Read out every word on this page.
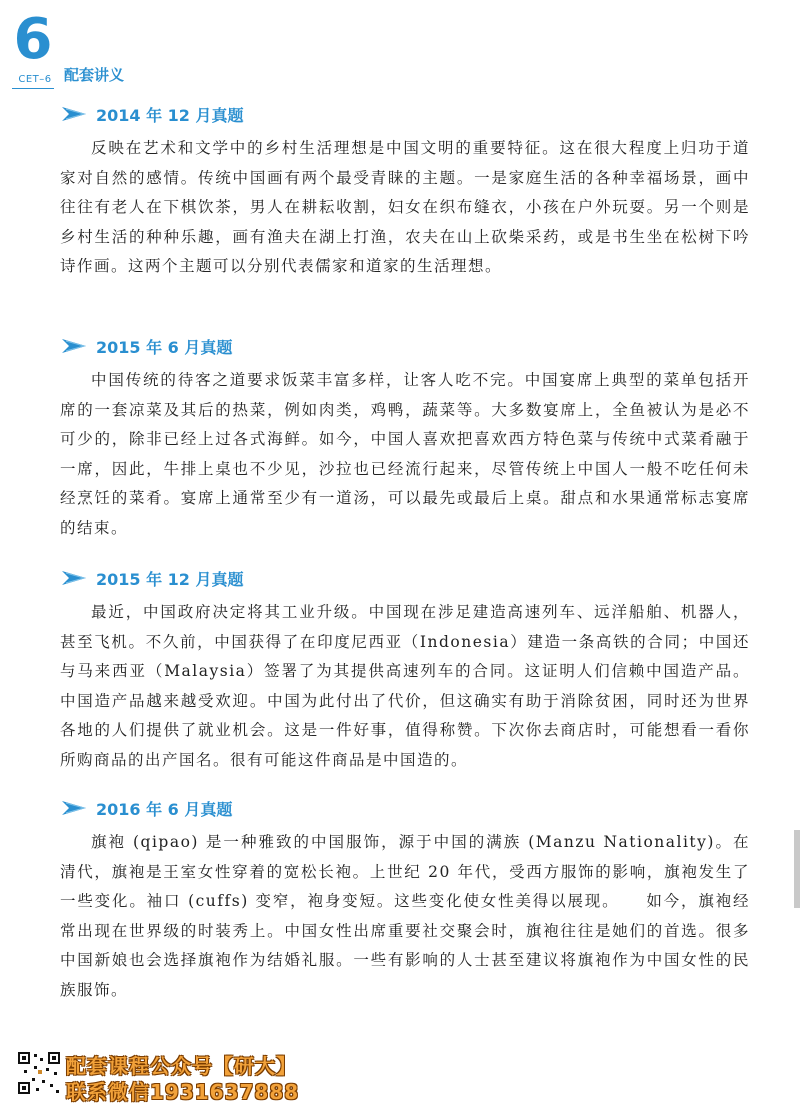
6
CET–6 配套讲义
2014 年 12 月真题

反映在艺术和文学中的乡村生活理想是中国文明的重要特征。这在很大程度上归功于道家对自然的感情。传统中国画有两个最受青睐的主题。一是家庭生活的各种幸福场景，画中往往有老人在下棋饮茶，男人在耕耘收割，妇女在织布缝衣，小孩在户外玩耍。另一个则是乡村生活的种种乐趣，画有渔夫在湖上打渔，农夫在山上砍柴采药，或是书生坐在松树下吟诗作画。这两个主题可以分别代表儒家和道家的生活理想。

2015 年 6 月真题

中国传统的待客之道要求饭菜丰富多样，让客人吃不完。中国宴席上典型的菜单包括开席的一套凉菜及其后的热菜，例如肉类，鸡鸭，蔬菜等。大多数宴席上，全鱼被认为是必不可少的，除非已经上过各式海鲜。如今，中国人喜欢把喜欢西方特色菜与传统中式菜肴融于一席，因此，牛排上桌也不少见，沙拉也已经流行起来，尽管传统上中国人一般不吃任何未经烹饪的菜肴。宴席上通常至少有一道汤，可以最先或最后上桌。甜点和水果通常标志宴席的结束。

2015 年 12 月真题

最近，中国政府决定将其工业升级。中国现在涉足建造高速列车、远洋船舶、机器人，甚至飞机。不久前，中国获得了在印度尼西亚（Indonesia）建造一条高铁的合同；中国还与马来西亚（Malaysia）签署了为其提供高速列车的合同。这证明人们信赖中国造产品。中国造产品越来越受欢迎。中国为此付出了代价，但这确实有助于消除贫困，同时还为世界各地的人们提供了就业机会。这是一件好事，值得称赞。下次你去商店时，可能想看一看你所购商品的出产国名。很有可能这件商品是中国造的。

2016 年 6 月真题

旗袍 (qipao) 是一种雅致的中国服饰，源于中国的满族 (Manzu Nationality)。在清代，旗袍是王室女性穿着的宽松长袍。上世纪 20 年代，受西方服饰的影响，旗袍发生了一些变化。袖口 (cuffs) 变窄，袍身变短。这些变化使女性美得以展现。　　如今，旗袍经常出现在世界级的时装秀上。中国女性出席重要社交聚会时，旗袍往往是她们的首选。很多中国新娘也会选择旗袍作为结婚礼服。一些有影响的人士甚至建议将旗袍作为中国女性的民族服饰。

配套课程公众号【研大】
联系微信1931637888
